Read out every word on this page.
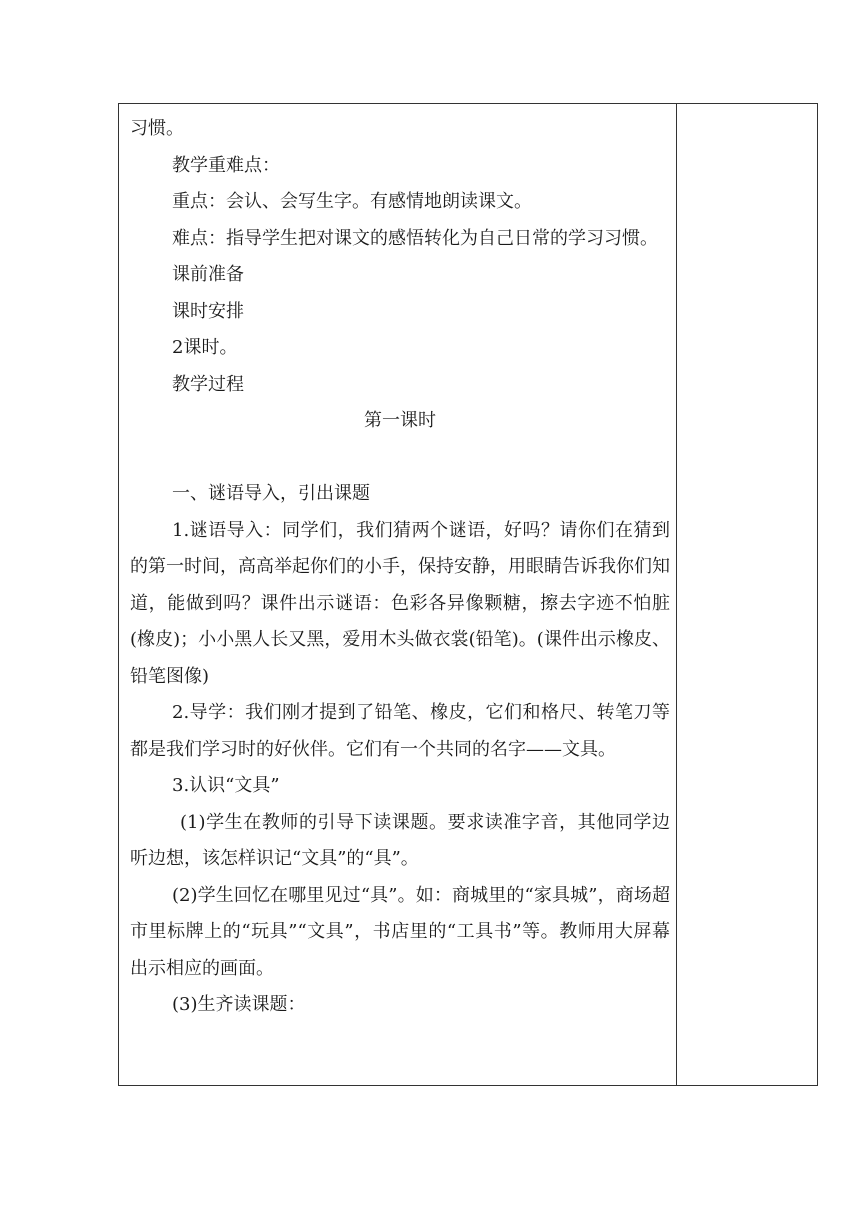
习惯。

教学重难点：

重点：会认、会写生字。有感情地朗读课文。

难点：指导学生把对课文的感悟转化为自己日常的学习习惯。

课前准备

课时安排

2课时。

教学过程

第一课时

一、谜语导入，引出课题

1.谜语导入：同学们，我们猜两个谜语，好吗？请你们在猜到的第一时间，高高举起你们的小手，保持安静，用眼睛告诉我你们知道，能做到吗？课件出示谜语：色彩各异像颗糖，擦去字迹不怕脏(橡皮)；小小黑人长又黑，爱用木头做衣裳(铅笔)。(课件出示橡皮、铅笔图像)

2.导学：我们刚才提到了铅笔、橡皮，它们和格尺、转笔刀等都是我们学习时的好伙伴。它们有一个共同的名字——文具。

3.认识“文具”

(1)学生在教师的引导下读课题。要求读准字音，其他同学边听边想，该怎样识记“文具”的“具”。

(2)学生回忆在哪里见过“具”。如：商城里的“家具城”，商场超市里标牌上的“玩具”“文具”，书店里的“工具书”等。教师用大屏幕出示相应的画面。

(3)生齐读课题：
